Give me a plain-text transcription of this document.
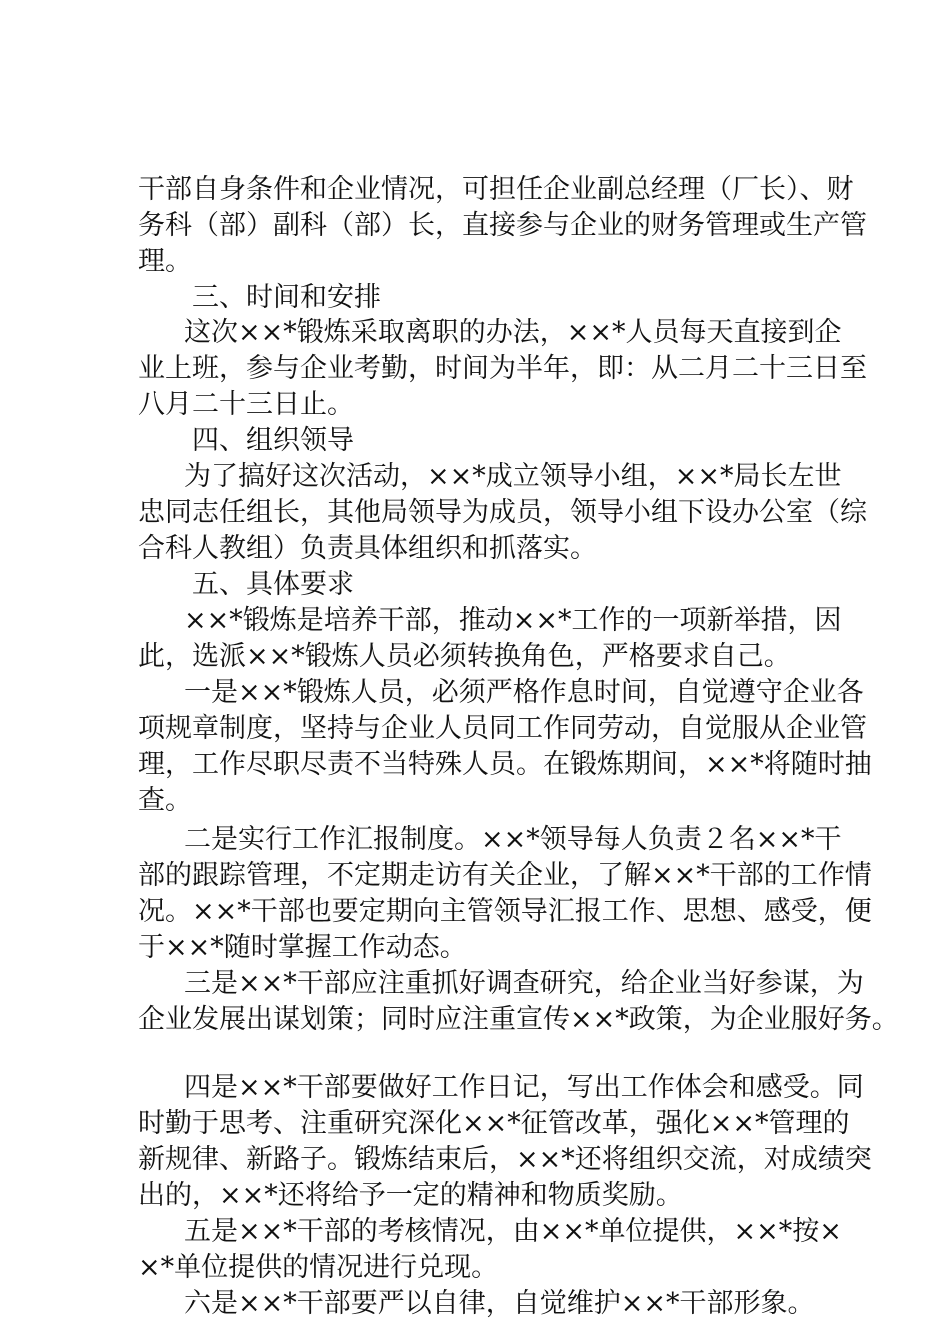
干部自身条件和企业情况，可担任企业副总经理（厂长）、财

务科（部）副科（部）长，直接参与企业的财务管理或生产管

理。

三、时间和安排

这次××*锻炼采取离职的办法，××*人员每天直接到企

业上班，参与企业考勤，时间为半年，即：从二月二十三日至

八月二十三日止。

四、组织领导

为了搞好这次活动，××*成立领导小组，××*局长左世

忠同志任组长，其他局领导为成员，领导小组下设办公室（综

合科人教组）负责具体组织和抓落实。

五、具体要求

××*锻炼是培养干部，推动××*工作的一项新举措，因

此，选派××*锻炼人员必须转换角色，严格要求自己。

一是××*锻炼人员，必须严格作息时间，自觉遵守企业各

项规章制度，坚持与企业人员同工作同劳动，自觉服从企业管

理，工作尽职尽责不当特殊人员。在锻炼期间，××*将随时抽

查。

二是实行工作汇报制度。××*领导每人负责２名××*干

部的跟踪管理，不定期走访有关企业，了解××*干部的工作情

况。××*干部也要定期向主管领导汇报工作、思想、感受，便

于××*随时掌握工作动态。

三是××*干部应注重抓好调查研究，给企业当好参谋，为

企业发展出谋划策；同时应注重宣传××*政策，为企业服好务。

四是××*干部要做好工作日记，写出工作体会和感受。同

时勤于思考、注重研究深化××*征管改革，强化××*管理的

新规律、新路子。锻炼结束后，××*还将组织交流，对成绩突

出的，××*还将给予一定的精神和物质奖励。

五是××*干部的考核情况，由××*单位提供，××*按×

×*单位提供的情况进行兑现。

六是××*干部要严以自律，自觉维护××*干部形象。
